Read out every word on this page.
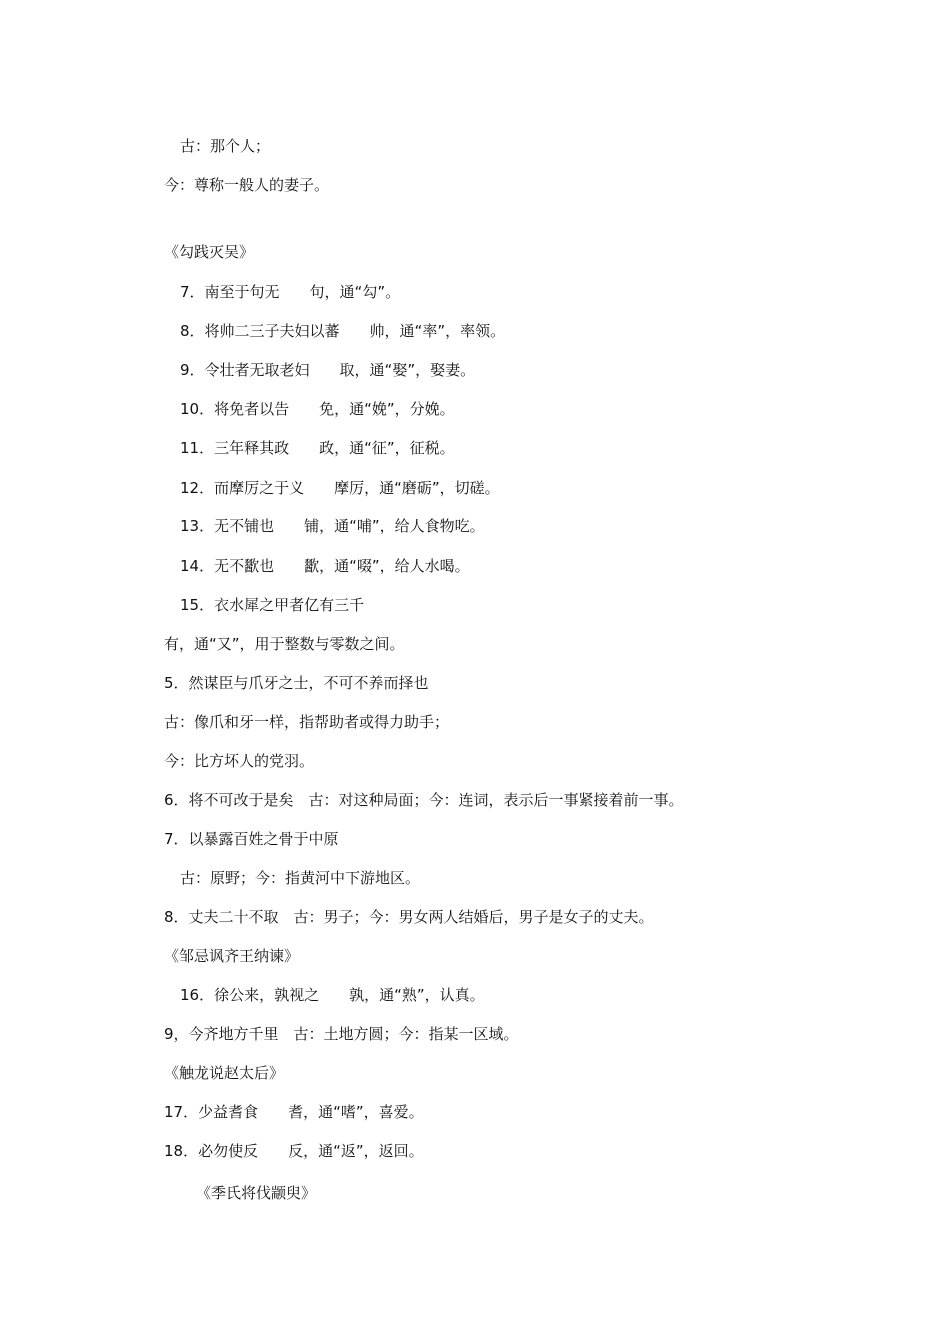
古：那个人；
今：尊称一般人的妻子。
《勾践灭吴》
7．南至于句无　　句，通“勾”。
8．将帅二三子夫妇以蕃　　帅，通“率”，率领。
9．令壮者无取老妇　　取，通“娶”，娶妻。
10．将免者以告　　免，通“娩”，分娩。
11．三年释其政　　政，通“征”，征税。
12．而摩厉之于义　　摩厉，通“磨砺”，切磋。
13．无不铺也　　铺，通“哺”，给人食物吃。
14．无不歠也　　歠，通“啜”，给人水喝。
15．衣水犀之甲者亿有三千
有，通“又”，用于整数与零数之间。
5．然谋臣与爪牙之士，不可不养而择也
古：像爪和牙一样，指帮助者或得力助手；
今：比方坏人的党羽。
6．将不可改于是矣　古：对这种局面；今：连词，表示后一事紧接着前一事。
7．以暴露百姓之骨于中原
古：原野；今：指黄河中下游地区。
8．丈夫二十不取　古：男子；今：男女两人结婚后，男子是女子的丈夫。
《邹忌讽齐王纳谏》
16．徐公来，孰视之　　孰，通“熟”，认真。
9，今齐地方千里　古：土地方圆；今：指某一区域。
《触龙说赵太后》
17．少益耆食　　耆，通“嗜”，喜爱。
18．必勿使反　　反，通“返”，返回。
《季氏将伐颛臾》
